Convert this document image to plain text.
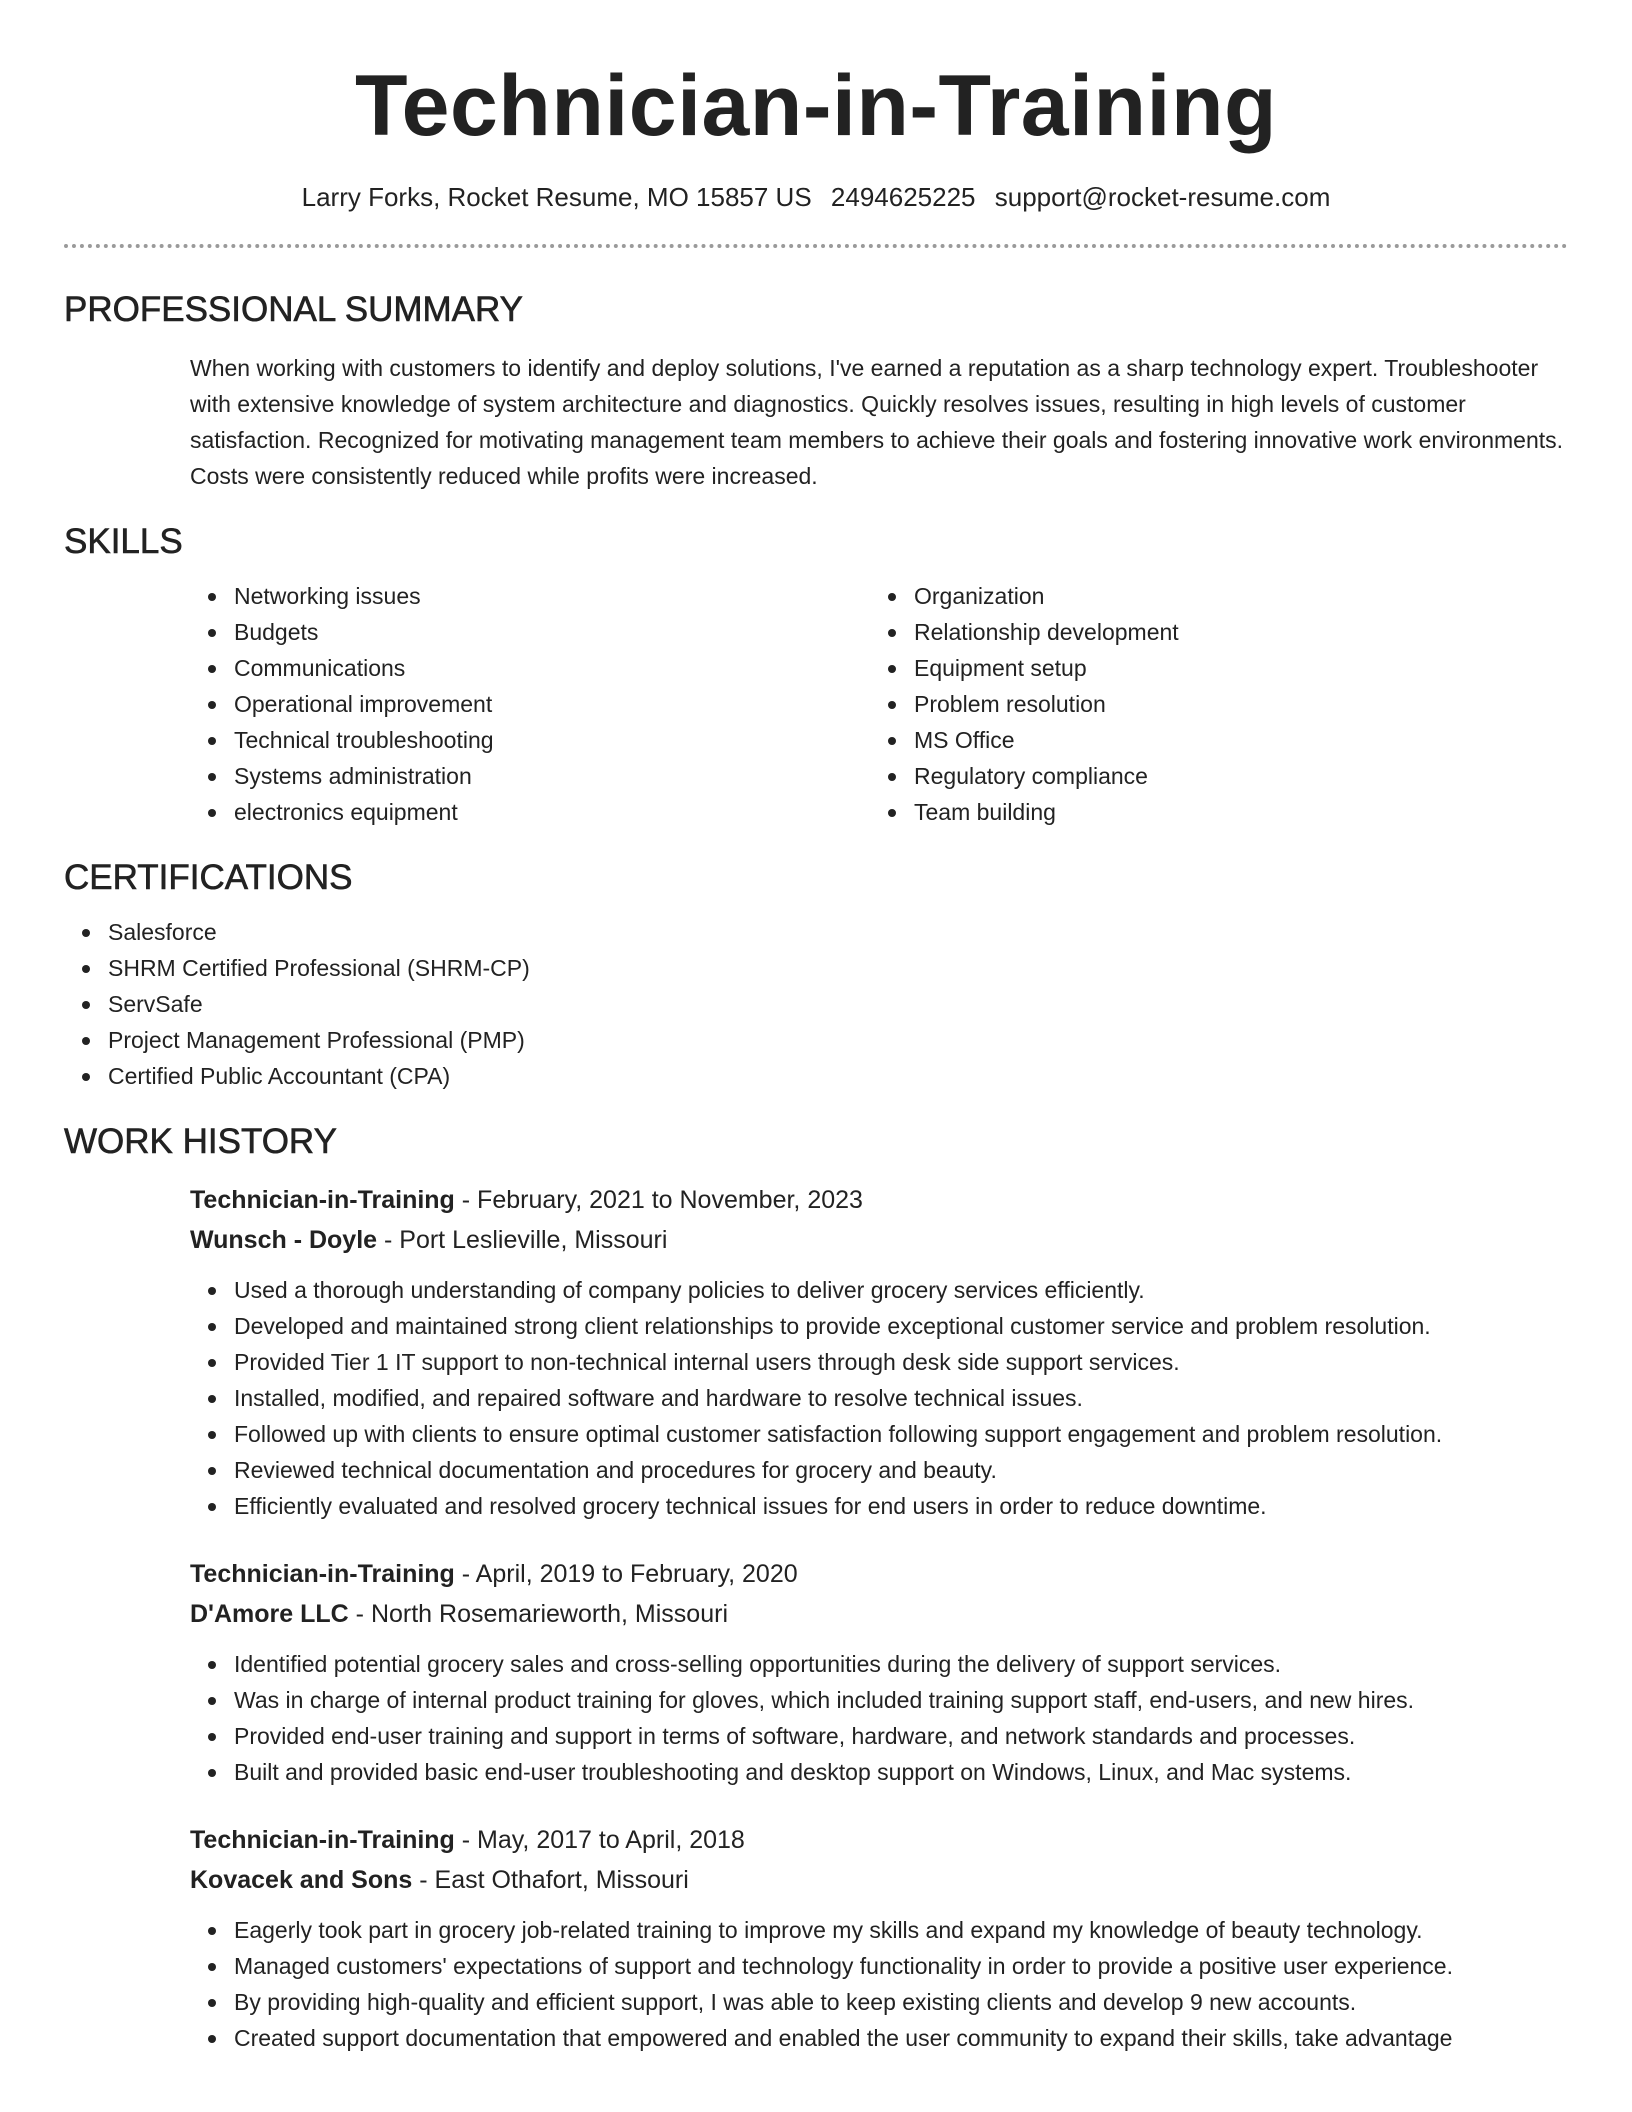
Technician-in-Training
Larry Forks, Rocket Resume, MO 15857 US 2494625225 support@rocket-resume.com
PROFESSIONAL SUMMARY

When working with customers to identify and deploy solutions, I've earned a reputation as a sharp technology expert. Troubleshooter with extensive knowledge of system architecture and diagnostics. Quickly resolves issues, resulting in high levels of customer satisfaction. Recognized for motivating management team members to achieve their goals and fostering innovative work environments. Costs were consistently reduced while profits were increased.

SKILLS
Networking issues
Budgets
Communications
Operational improvement
Technical troubleshooting
Systems administration
electronics equipment
Organization
Relationship development
Equipment setup
Problem resolution
MS Office
Regulatory compliance
Team building
CERTIFICATIONS
Salesforce
SHRM Certified Professional (SHRM-CP)
ServSafe
Project Management Professional (PMP)
Certified Public Accountant (CPA)
WORK HISTORY
Technician-in-Training - February, 2021 to November, 2023
Wunsch - Doyle - Port Leslieville, Missouri
Used a thorough understanding of company policies to deliver grocery services efficiently.
Developed and maintained strong client relationships to provide exceptional customer service and problem resolution.
Provided Tier 1 IT support to non-technical internal users through desk side support services.
Installed, modified, and repaired software and hardware to resolve technical issues.
Followed up with clients to ensure optimal customer satisfaction following support engagement and problem resolution.
Reviewed technical documentation and procedures for grocery and beauty.
Efficiently evaluated and resolved grocery technical issues for end users in order to reduce downtime.
Technician-in-Training - April, 2019 to February, 2020
D'Amore LLC - North Rosemarieworth, Missouri
Identified potential grocery sales and cross-selling opportunities during the delivery of support services.
Was in charge of internal product training for gloves, which included training support staff, end-users, and new hires.
Provided end-user training and support in terms of software, hardware, and network standards and processes.
Built and provided basic end-user troubleshooting and desktop support on Windows, Linux, and Mac systems.
Technician-in-Training - May, 2017 to April, 2018
Kovacek and Sons - East Othafort, Missouri
Eagerly took part in grocery job-related training to improve my skills and expand my knowledge of beauty technology.
Managed customers' expectations of support and technology functionality in order to provide a positive user experience.
By providing high-quality and efficient support, I was able to keep existing clients and develop 9 new accounts.
Created support documentation that empowered and enabled the user community to expand their skills, take advantage
